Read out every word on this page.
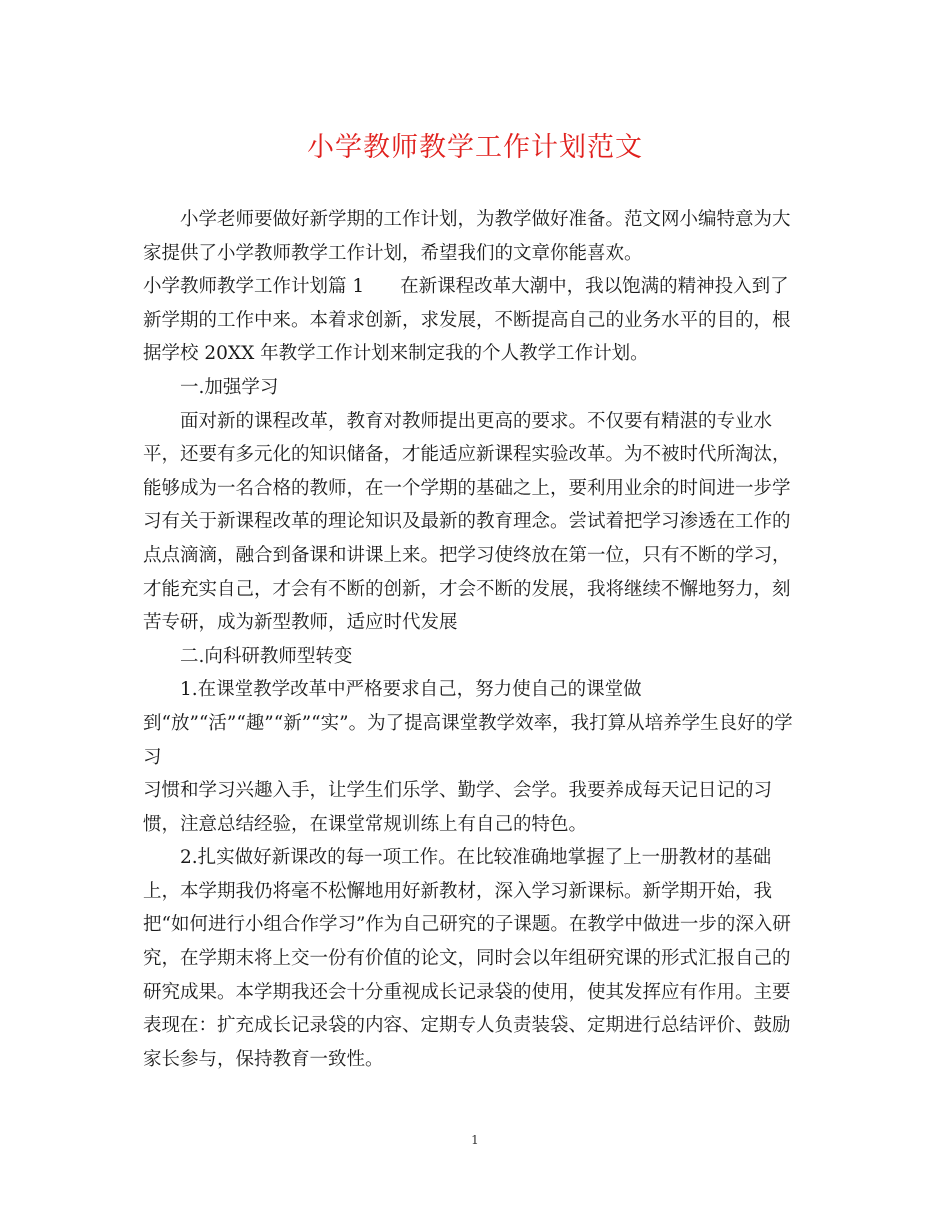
小学教师教学工作计划范文

小学老师要做好新学期的工作计划，为教学做好准备。范文网小编特意为大

家提供了小学教师教学工作计划，希望我们的文章你能喜欢。

小学教师教学工作计划篇 1 在新课程改革大潮中，我以饱满的精神投入到了

新学期的工作中来。本着求创新，求发展，不断提高自己的业务水平的目的，根

据学校 20XX 年教学工作计划来制定我的个人教学工作计划。

一.加强学习

面对新的课程改革，教育对教师提出更高的要求。不仅要有精湛的专业水

平，还要有多元化的知识储备，才能适应新课程实验改革。为不被时代所淘汰，

能够成为一名合格的教师，在一个学期的基础之上，要利用业余的时间进一步学

习有关于新课程改革的理论知识及最新的教育理念。尝试着把学习渗透在工作的

点点滴滴，融合到备课和讲课上来。把学习使终放在第一位，只有不断的学习，

才能充实自己，才会有不断的创新，才会不断的发展，我将继续不懈地努力，刻

苦专研，成为新型教师，适应时代发展

二.向科研教师型转变

1.在课堂教学改革中严格要求自己，努力使自己的课堂做

到“放”“活”“趣”“新”“实”。为了提高课堂教学效率，我打算从培养学生良好的学习

习惯和学习兴趣入手，让学生们乐学、勤学、会学。我要养成每天记日记的习

惯，注意总结经验，在课堂常规训练上有自己的特色。

2.扎实做好新课改的每一项工作。在比较准确地掌握了上一册教材的基础

上，本学期我仍将毫不松懈地用好新教材，深入学习新课标。新学期开始，我

把“如何进行小组合作学习”作为自己研究的子课题。在教学中做进一步的深入研

究，在学期末将上交一份有价值的论文，同时会以年组研究课的形式汇报自己的

研究成果。本学期我还会十分重视成长记录袋的使用，使其发挥应有作用。主要

表现在：扩充成长记录袋的内容、定期专人负责装袋、定期进行总结评价、鼓励

家长参与，保持教育一致性。

1
